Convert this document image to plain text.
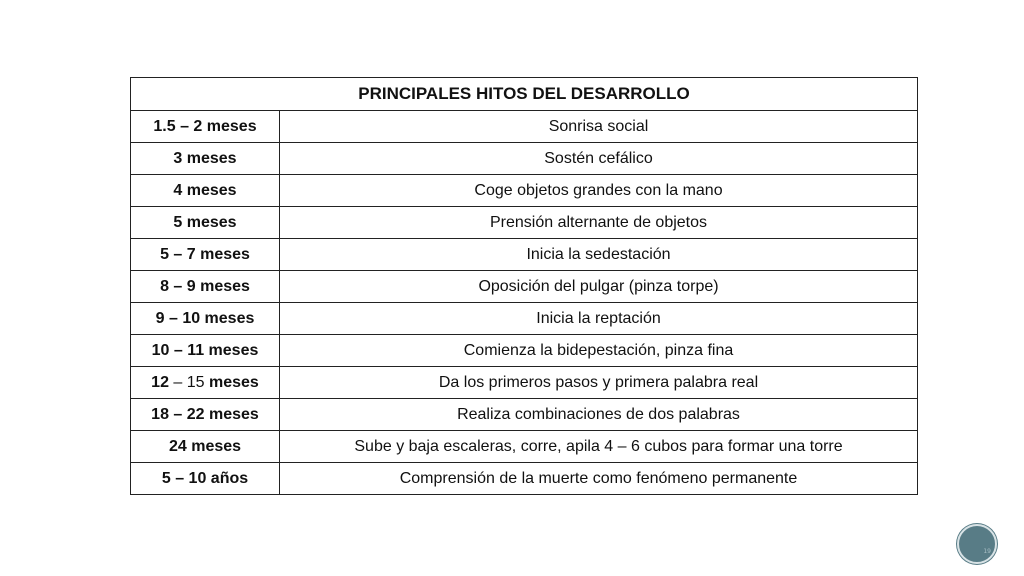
PRINCIPALES HITOS DEL DESARROLLO	
1.5 – 2 meses	Sonrisa social
3 meses	Sostén cefálico
4 meses	Coge objetos grandes con la mano
5 meses	Prensión alternante de objetos
5 – 7 meses	Inicia la sedestación
8 – 9 meses	Oposición del pulgar (pinza torpe)
9 – 10 meses	Inicia la reptación
10 – 11 meses	Comienza la bidepestación, pinza fina
12 – 15 meses	Da los primeros pasos y primera palabra real
18 – 22 meses	Realiza combinaciones de dos palabras
24 meses	Sube y baja escaleras, corre, apila 4 – 6 cubos para formar una torre
5 – 10 años	Comprensión de la muerte como fenómeno permanente
19
